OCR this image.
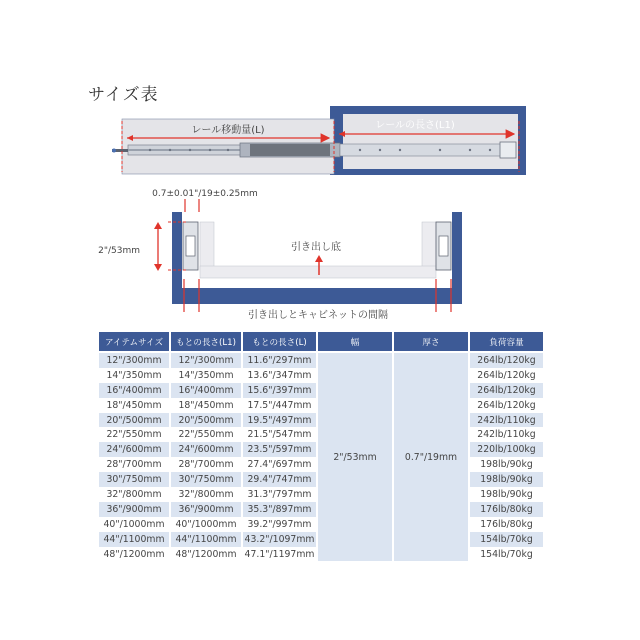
サイズ表
レール移動量(L)	レールの長さ(L1)
0.7±0.01"/19±0.25mm
2"/53mm	引き出し底
引き出しとキャビネットの間隔
アイテムサイズ	もとの長さ(L1)	もとの長さ(L)	幅	厚さ	負荷容量
12"/300mm	12"/300mm	11.6"/297mm	2"/53mm	0.7"/19mm	264lb/120kg
14"/350mm	14"/350mm	13.6"/347mm			264lb/120kg
16"/400mm	16"/400mm	15.6"/397mm			264lb/120kg
18"/450mm	18"/450mm	17.5"/447mm			264lb/120kg
20"/500mm	20"/500mm	19.5"/497mm			242lb/110kg
22"/550mm	22"/550mm	21.5"/547mm			242lb/110kg
24"/600mm	24"/600mm	23.5"/597mm			220lb/100kg
28"/700mm	28"/700mm	27.4"/697mm			198lb/90kg
30"/750mm	30"/750mm	29.4"/747mm			198lb/90kg
32"/800mm	32"/800mm	31.3"/797mm			198lb/90kg
36"/900mm	36"/900mm	35.3"/897mm			176lb/80kg
40"/1000mm	40"/1000mm	39.2"/997mm			176lb/80kg
44"/1100mm	44"/1100mm	43.2"/1097mm			154lb/70kg
48"/1200mm	48"/1200mm	47.1"/1197mm			154lb/70kg
